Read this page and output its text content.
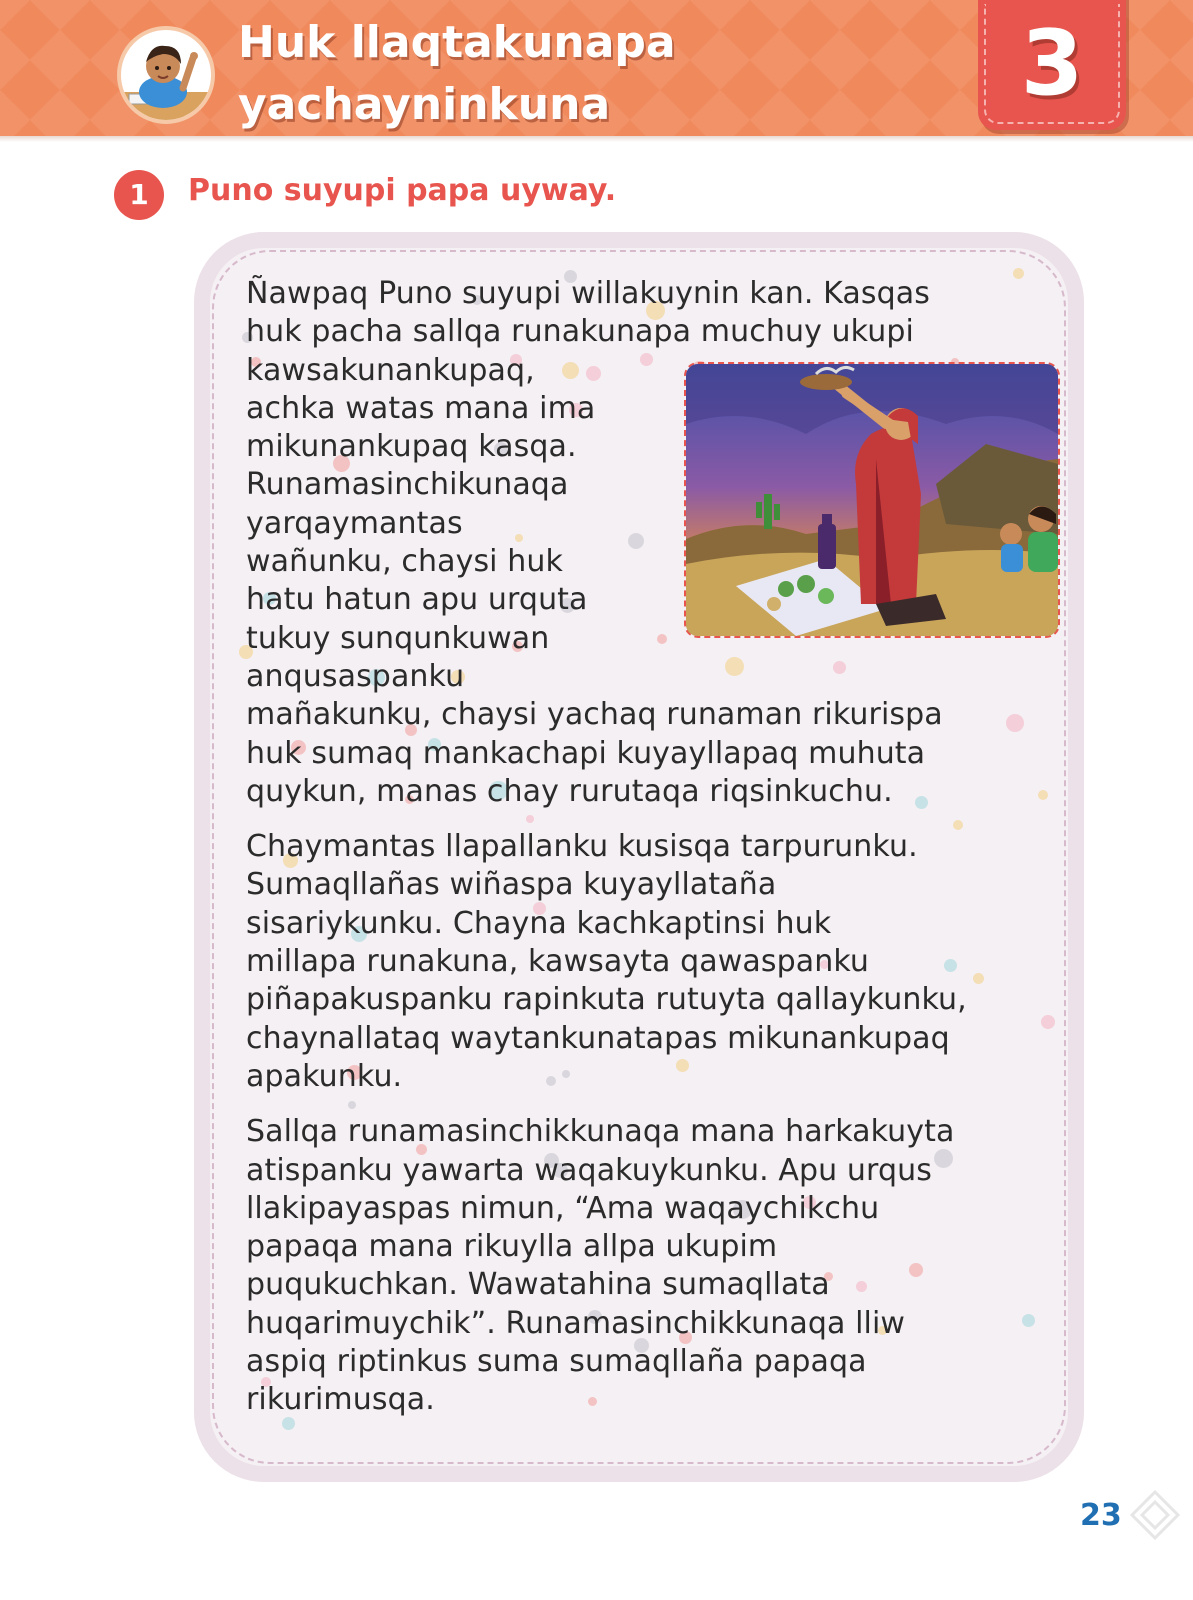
Huk llaqtakunapa
yachayninkuna	3
1	Puno suyupi papa uyway.

Ñawpaq Puno suyupi willakuynin kan. Kasqas
huk pacha sallqa runakunapa muchuy ukupi
kawsakunankupaq,
achka watas mana ima
mikunankupaq kasqa.
Runamasinchikunaqa
yarqaymantas
wañunku, chaysi huk
hatu hatun apu urquta
tukuy sunqunkuwan
anqusaspanku
mañakunku, chaysi yachaq runaman rikurispa
huk sumaq mankachapi kuyayllapaq muhuta
quykun, manas chay rurutaqa riqsinkuchu.

Chaymantas llapallanku kusisqa tarpurunku.
Sumaqllañas wiñaspa kuyayllataña
sisariykunku. Chayna kachkaptinsi huk
millapa runakuna, kawsayta qawaspanku
piñapakuspanku rapinkuta rutuyta qallaykunku,
chaynallataq waytankunatapas mikunankupaq
apakunku.

Sallqa runamasinchikkunaqa mana harkakuyta
atispanku yawarta waqakuykunku. Apu urqus
llakipayaspas nimun, “Ama waqaychikchu
papaqa mana rikuylla allpa ukupim
puqukuchkan. Wawatahina sumaqllata
huqarimuychik”. Runamasinchikkunaqa lliw
aspiq riptinkus suma sumaqllaña papaqa
rikurimusqa.

23
